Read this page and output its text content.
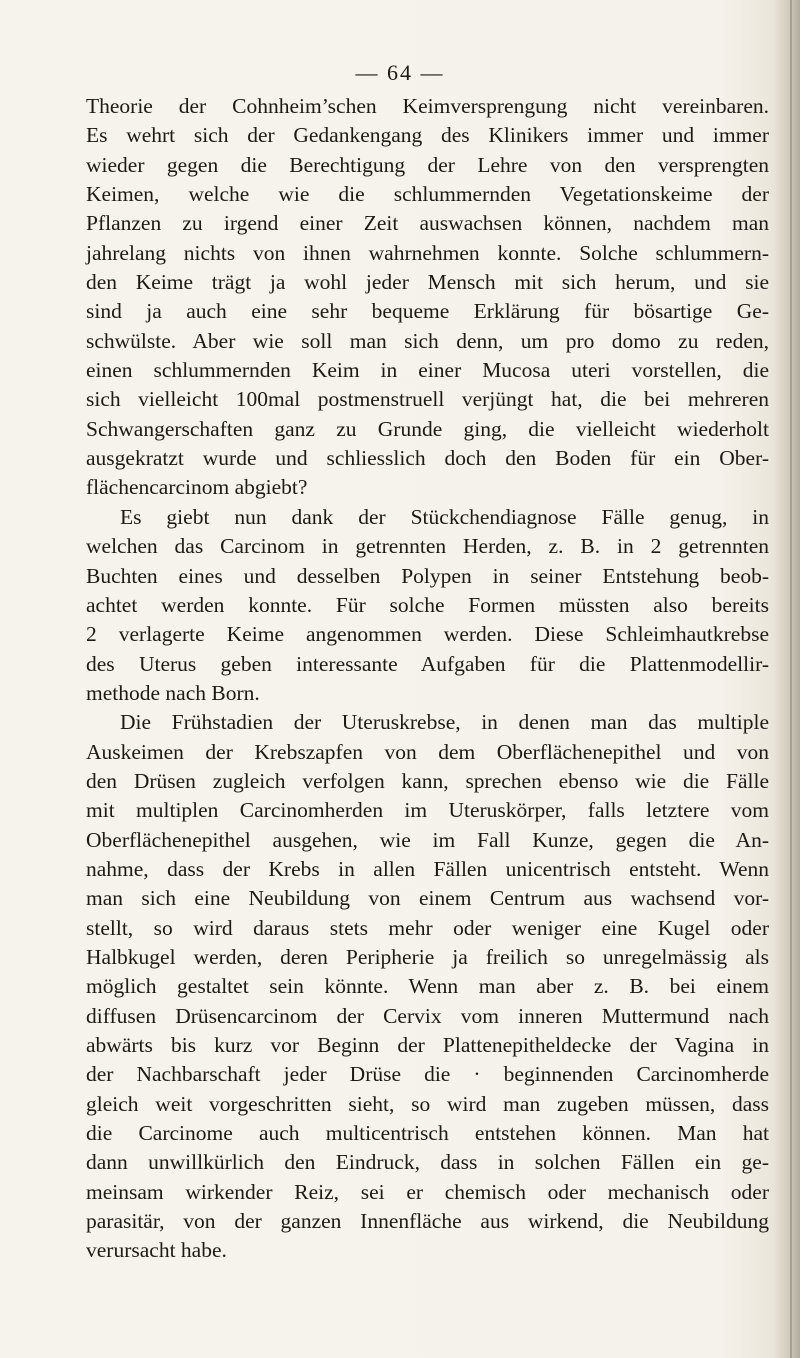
— 64 —
Theorie der Cohnheim’schen Keimversprengung nicht vereinbaren.
Es wehrt sich der Gedankengang des Klinikers immer und immer
wieder gegen die Berechtigung der Lehre von den versprengten
Keimen, welche wie die schlummernden Vegetationskeime der
Pflanzen zu irgend einer Zeit auswachsen können, nachdem man
jahrelang nichts von ihnen wahrnehmen konnte. Solche schlummern-
den Keime trägt ja wohl jeder Mensch mit sich herum, und sie
sind ja auch eine sehr bequeme Erklärung für bösartige Ge-
schwülste. Aber wie soll man sich denn, um pro domo zu reden,
einen schlummernden Keim in einer Mucosa uteri vorstellen, die
sich vielleicht 100mal postmenstruell verjüngt hat, die bei mehreren
Schwangerschaften ganz zu Grunde ging, die vielleicht wiederholt
ausgekratzt wurde und schliesslich doch den Boden für ein Ober-
flächencarcinom abgiebt?
Es giebt nun dank der Stückchendiagnose Fälle genug, in
welchen das Carcinom in getrennten Herden, z. B. in 2 getrennten
Buchten eines und desselben Polypen in seiner Entstehung beob-
achtet werden konnte. Für solche Formen müssten also bereits
2 verlagerte Keime angenommen werden. Diese Schleimhautkrebse
des Uterus geben interessante Aufgaben für die Plattenmodellir-
methode nach Born.
Die Frühstadien der Uteruskrebse, in denen man das multiple
Auskeimen der Krebszapfen von dem Oberflächenepithel und von
den Drüsen zugleich verfolgen kann, sprechen ebenso wie die Fälle
mit multiplen Carcinomherden im Uteruskörper, falls letztere vom
Oberflächenepithel ausgehen, wie im Fall Kunze, gegen die An-
nahme, dass der Krebs in allen Fällen unicentrisch entsteht. Wenn
man sich eine Neubildung von einem Centrum aus wachsend vor-
stellt, so wird daraus stets mehr oder weniger eine Kugel oder
Halbkugel werden, deren Peripherie ja freilich so unregelmässig als
möglich gestaltet sein könnte. Wenn man aber z. B. bei einem
diffusen Drüsencarcinom der Cervix vom inneren Muttermund nach
abwärts bis kurz vor Beginn der Plattenepitheldecke der Vagina in
der Nachbarschaft jeder Drüse die · beginnenden Carcinomherde
gleich weit vorgeschritten sieht, so wird man zugeben müssen, dass
die Carcinome auch multicentrisch entstehen können. Man hat
dann unwillkürlich den Eindruck, dass in solchen Fällen ein ge-
meinsam wirkender Reiz, sei er chemisch oder mechanisch oder
parasitär, von der ganzen Innenfläche aus wirkend, die Neubildung
verursacht habe.
